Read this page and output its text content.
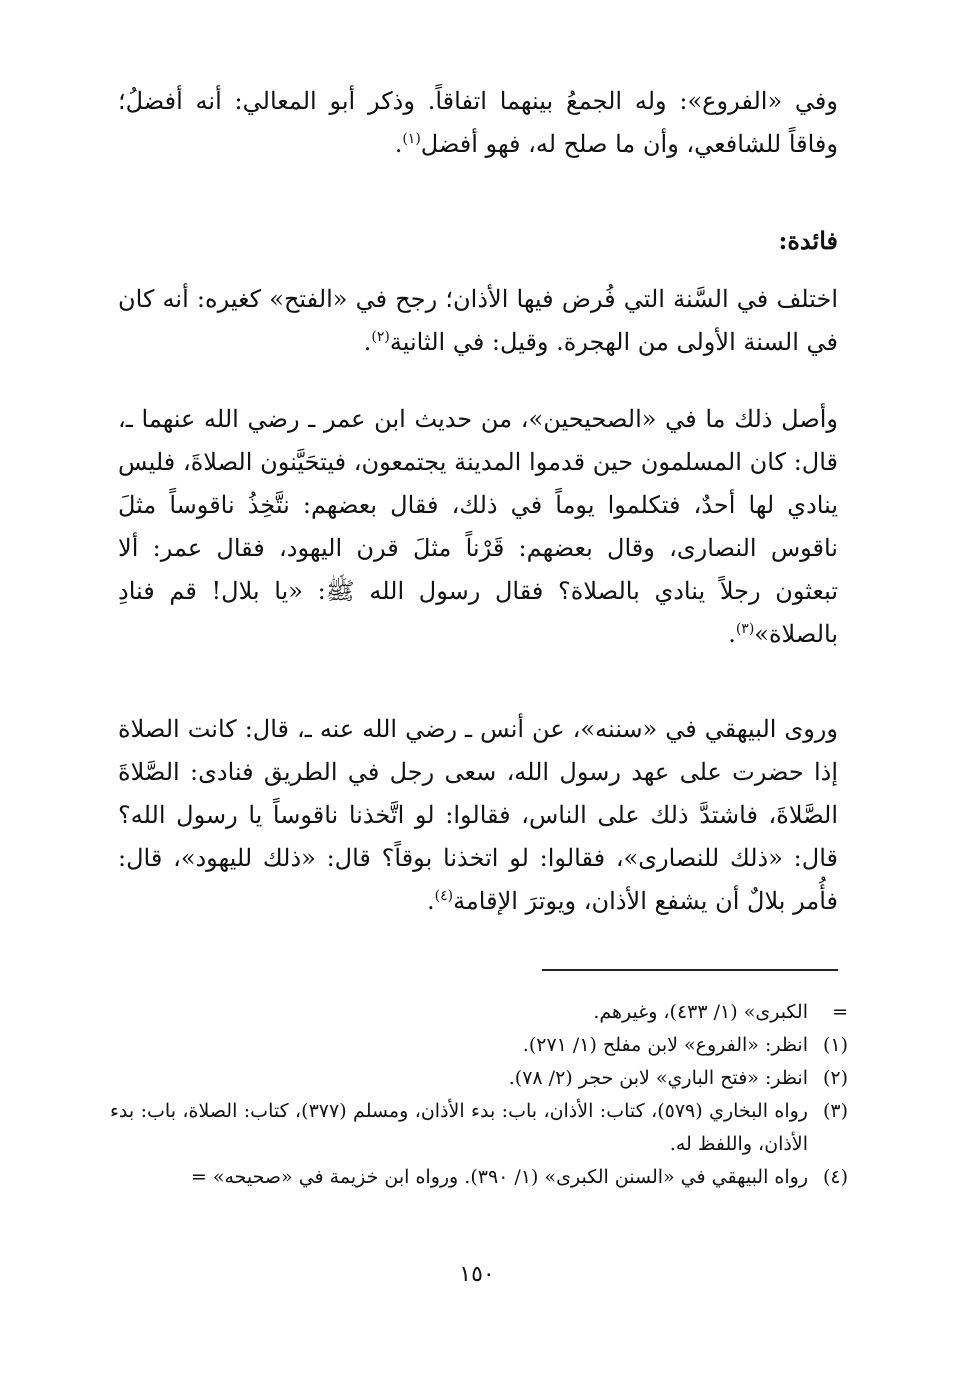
وفي «الفروع»: وله الجمعُ بينهما اتفاقاً. وذكر أبو المعالي: أنه أفضلُ؛ وفاقاً للشافعي، وأن ما صلح له، فهو أفضل$^{(١)}$.

فائدة:

اختلف في السَّنة التي فُرض فيها الأذان؛ رجح في «الفتح» كغيره: أنه كان في السنة الأولى من الهجرة. وقيل: في الثانية$^{(٢)}$.

وأصل ذلك ما في «الصحيحين»، من حديث ابن عمر ـ رضي الله عنهما ـ، قال: كان المسلمون حين قدموا المدينة يجتمعون، فيتحَيَّنون الصلاةَ، فليس ينادي لها أحدٌ، فتكلموا يوماً في ذلك، فقال بعضهم: نتَّخِذُ ناقوساً مثلَ ناقوس النصارى، وقال بعضهم: قَرْناً مثلَ قرن اليهود، فقال عمر: ألا تبعثون رجلاً ينادي بالصلاة؟ فقال رسول الله ﷺ: «يا بلال! قم فنادِ بالصلاة»$^{(٣)}$.

وروى البيهقي في «سننه»، عن أنس ـ رضي الله عنه ـ، قال: كانت الصلاة إذا حضرت على عهد رسول الله، سعى رجل في الطريق فنادى: الصَّلاةَ الصَّلاةَ، فاشتدَّ ذلك على الناس، فقالوا: لو اتَّخذنا ناقوساً يا رسول الله؟ قال: «ذلك للنصارى»، فقالوا: لو اتخذنا بوقاً؟ قال: «ذلك لليهود»، قال: فأُمر بلالٌ أن يشفع الأذان، ويوترَ الإقامة$^{(٤)}$.

=
الكبرى» (١/ ٤٣٣)، وغيرهم.
(١)
انظر: «الفروع» لابن مفلح (١/ ٢٧١).
(٢)
انظر: «فتح الباري» لابن حجر (٢/ ٧٨).
(٣)
رواه البخاري (٥٧٩)، كتاب: الأذان، باب: بدء الأذان، ومسلم (٣٧٧)، كتاب: الصلاة، باب: بدء الأذان، واللفظ له.
(٤)
رواه البيهقي في «السنن الكبرى» (١/ ٣٩٠). ورواه ابن خزيمة في «صحيحه» =
١٥٠
